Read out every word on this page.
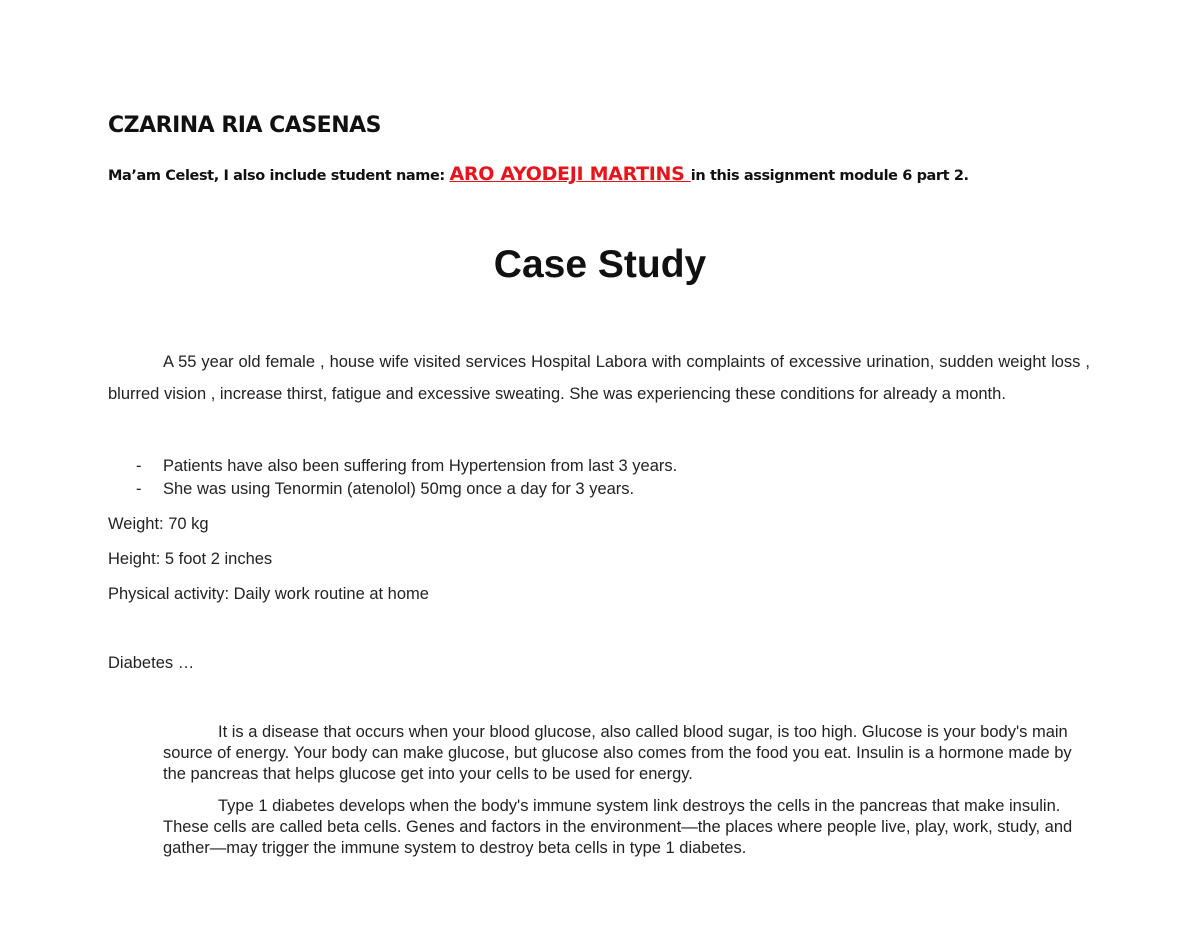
CZARINA RIA CASENAS

Ma’am Celest, I also include student name: ARO AYODEJI MARTINS in this assignment module 6 part 2.

Case Study

A 55 year old female , house wife visited services Hospital Labora with complaints of excessive urination, sudden weight loss , blurred vision , increase thirst, fatigue and excessive sweating. She was experiencing these conditions for already a month.

- Patients have also been suffering from Hypertension from last 3 years.
- She was using Tenormin (atenolol) 50mg once a day for 3 years.

Weight: 70 kg

Height: 5 foot 2 inches

Physical activity: Daily work routine at home

Diabetes …

It is a disease that occurs when your blood glucose, also called blood sugar, is too high. Glucose is your body's main source of energy. Your body can make glucose, but glucose also comes from the food you eat. Insulin is a hormone made by the pancreas that helps glucose get into your cells to be used for energy.

Type 1 diabetes develops when the body's immune system link destroys the cells in the pancreas that make insulin. These cells are called beta cells. Genes and factors in the environment—the places where people live, play, work, study, and gather—may trigger the immune system to destroy beta cells in type 1 diabetes.
